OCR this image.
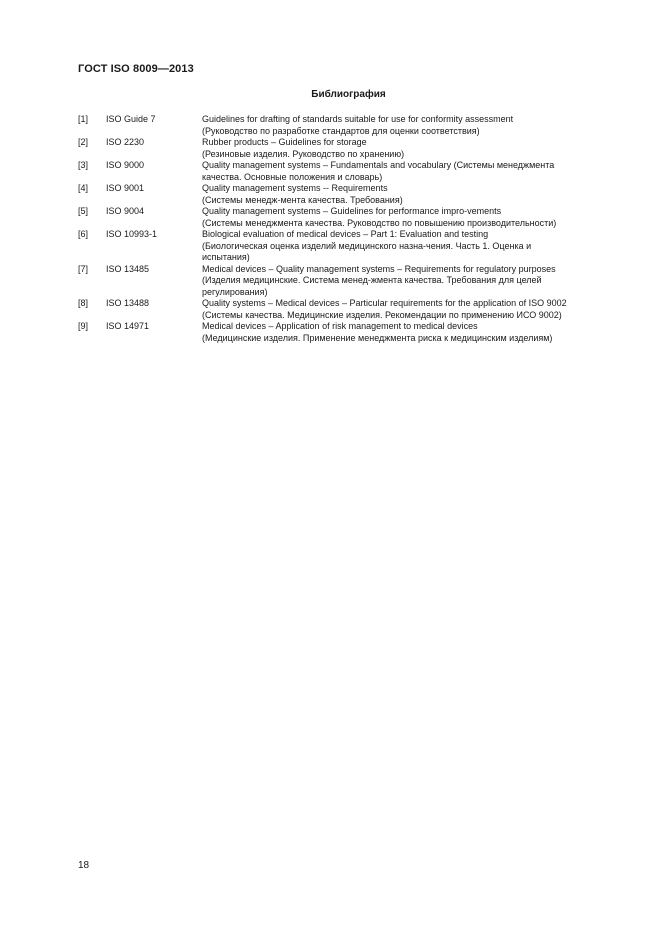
ГОСТ ISO 8009—2013
Библиография
[1]	ISO Guide 7	Guidelines for drafting of standards suitable for use for conformity assessment
(Руководство по разработке стандартов для оценки соответствия)
[2]	ISO 2230	Rubber products – Guidelines for storage
(Резиновые изделия. Руководство по хранению)
[3]	ISO 9000	Quality management systems – Fundamentals and vocabulary (Системы менеджмента
качества. Основные положения и словарь)
[4]	ISO 9001	Quality management systems -- Requirements
(Системы менедж-мента качества. Требования)
[5]	ISO 9004	Quality management systems – Guidelines for performance impro-vements
(Системы менеджмента качества. Руководство по повышению производительности)
[6]	ISO 10993-1	Biological evaluation of medical devices – Part 1: Evaluation and testing
(Биологическая оценка изделий медицинского назна-чения. Часть 1. Оценка и
испытания)
[7]	ISO 13485	Medical devices – Quality management systems – Requirements for regulatory purposes
(Изделия медицинские. Система менед-жмента качества. Требования для целей
регулирования)
[8]	ISO 13488	Quality systems – Medical devices – Particular requirements for the application of ISO 9002
(Системы качества. Медицинские изделия. Рекомендации по применению ИСО 9002)
[9]	ISO 14971	Medical devices – Application of risk management to medical devices
(Медицинские изделия. Применение менеджмента риска к медицинским изделиям)
18
